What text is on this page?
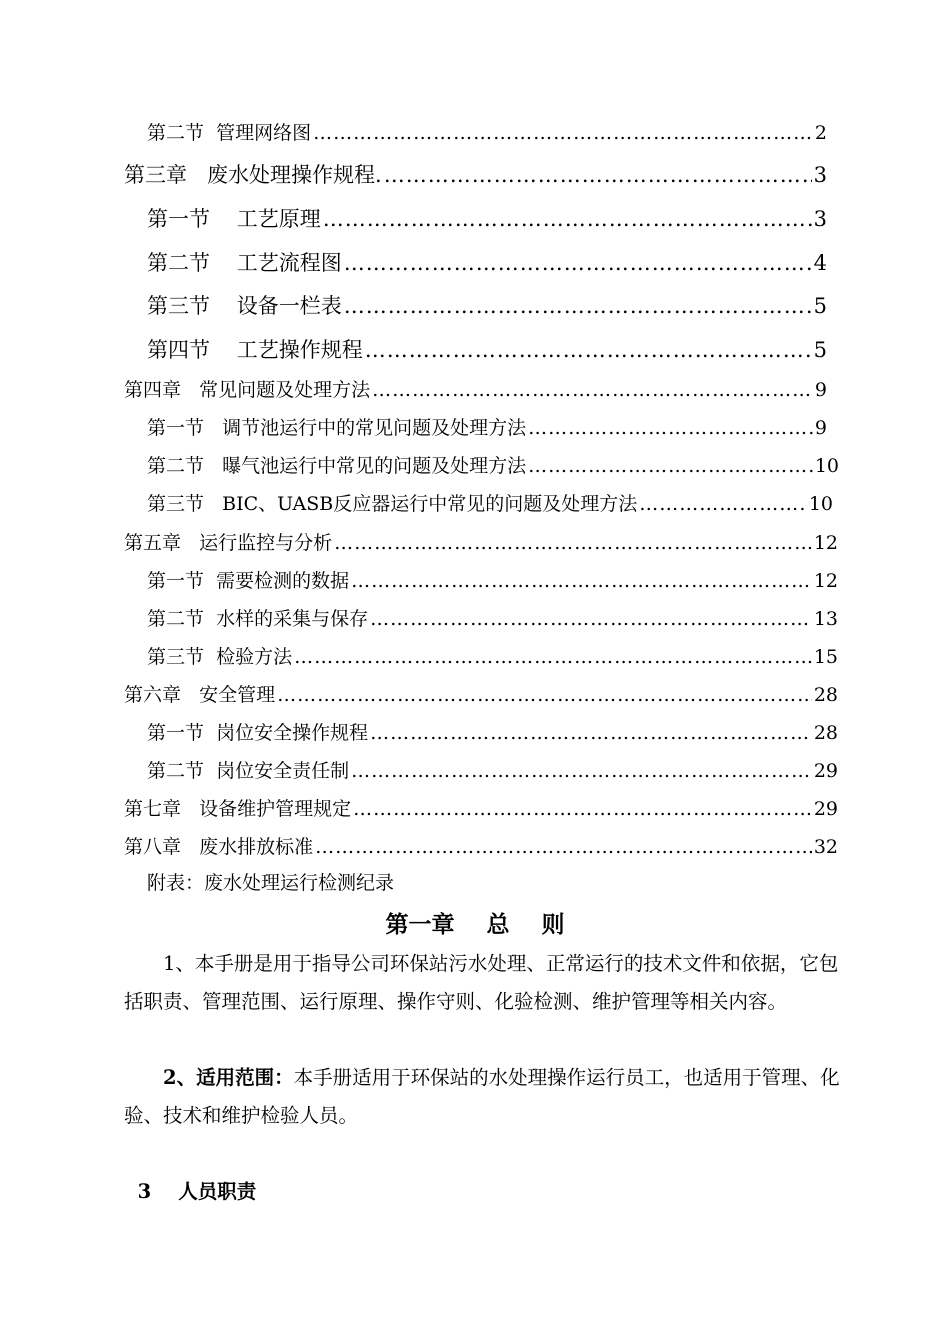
第二节  管理网络图 ……………………………………………………………………………………………………………………………………………………………………………………………………	2
第三章   废水处理操作规程. ……………………………………………………………………………………………………………………………………………………………………………………………………	3
第一节    工艺原理 ……………………………………………………………………………………………………………………………………………………………………………………………………	3
第二节    工艺流程图 ……………………………………………………………………………………………………………………………………………………………………………………………………	4
第三节    设备一栏表 ……………………………………………………………………………………………………………………………………………………………………………………………………	5
第四节    工艺操作规程 ……………………………………………………………………………………………………………………………………………………………………………………………………	5
第四章   常见问题及处理方法 ……………………………………………………………………………………………………………………………………………………………………………………………………	9
第一节   调节池运行中的常见问题及处理方法 ……………………………………………………………………………………………………………………………………………………………………………………………………	9
第二节   曝气池运行中常见的问题及处理方法 ……………………………………………………………………………………………………………………………………………………………………………………………………	10
第三节   BIC、UASB反应器运行中常见的问题及处理方法 ……………………………………………………………………………………………………………………………………………………………………………………………………	10
第五章   运行监控与分析 ……………………………………………………………………………………………………………………………………………………………………………………………………	12
第一节  需要检测的数据 ……………………………………………………………………………………………………………………………………………………………………………………………………	12
第二节  水样的采集与保存 ……………………………………………………………………………………………………………………………………………………………………………………………………	13
第三节  检验方法 ……………………………………………………………………………………………………………………………………………………………………………………………………	15
第六章   安全管理 ……………………………………………………………………………………………………………………………………………………………………………………………………	28
第一节  岗位安全操作规程 ……………………………………………………………………………………………………………………………………………………………………………………………………	28
第二节  岗位安全责任制 ……………………………………………………………………………………………………………………………………………………………………………………………………	29
第七章   设备维护管理规定 ……………………………………………………………………………………………………………………………………………………………………………………………………	29
第八章   废水排放标准 ……………………………………………………………………………………………………………………………………………………………………………………………………	32
附表：废水处理运行检测纪录
第一章    总    则
1、本手册是用于指导公司环保站污水处理、正常运行的技术文件和依据，它包括职责、管理范围、运行原理、操作守则、化验检测、维护管理等相关内容。
2、适用范围：本手册适用于环保站的水处理操作运行员工，也适用于管理、化验、技术和维护检验人员。

3    人员职责
